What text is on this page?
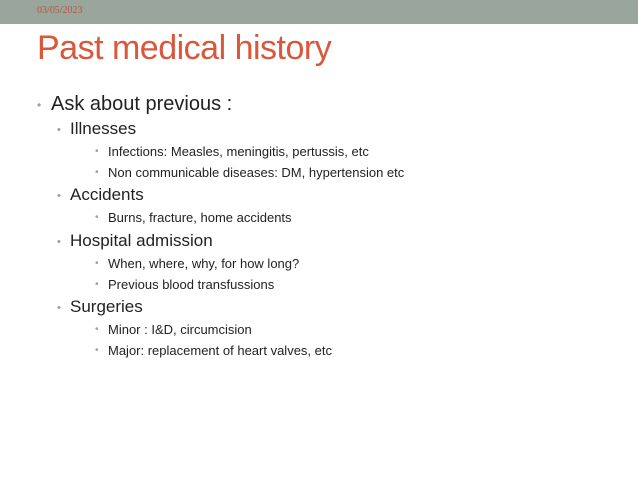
03/05/2023
Past medical history
• Ask about previous :
• Illnesses
• Infections: Measles, meningitis, pertussis, etc
• Non communicable diseases: DM, hypertension etc
• Accidents
• Burns, fracture, home accidents
• Hospital admission
• When, where, why, for how long?
• Previous blood transfussions
• Surgeries
• Minor : I&D, circumcision
• Major: replacement of heart valves, etc
